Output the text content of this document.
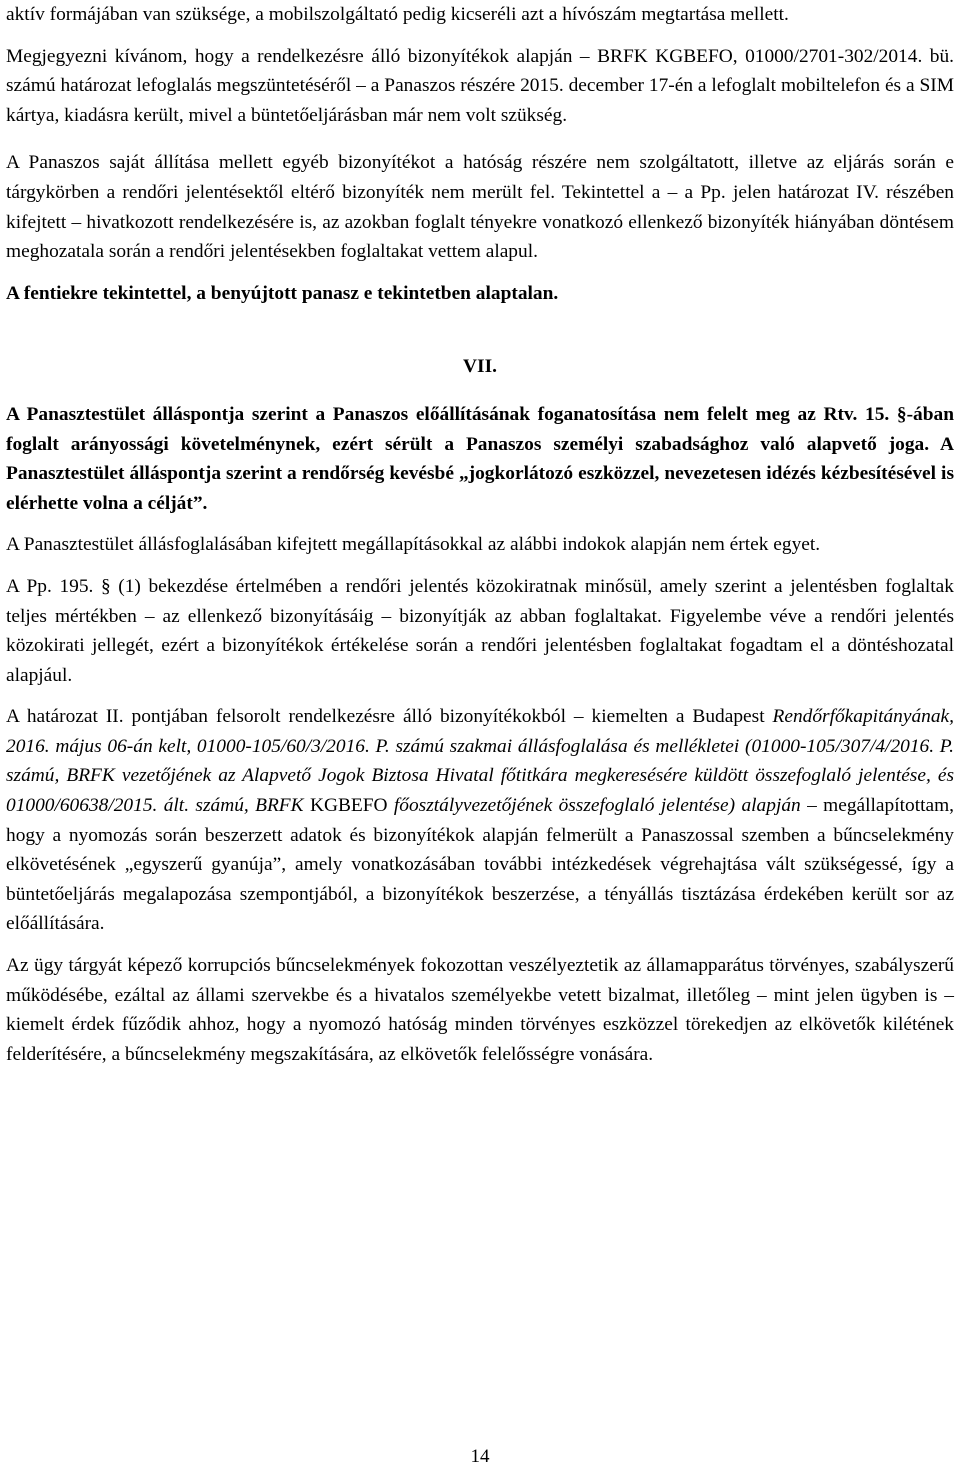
aktív formájában van szüksége, a mobilszolgáltató pedig kicseréli azt a hívószám megtartása mellett.

Megjegyezni kívánom, hogy a rendelkezésre álló bizonyítékok alapján – BRFK KGBEFO, 01000/2701-302/2014. bü. számú határozat lefoglalás megszüntetéséről – a Panaszos részére 2015. december 17-én a lefoglalt mobiltelefon és a SIM kártya, kiadásra került, mivel a büntetőeljárásban már nem volt szükség.

A Panaszos saját állítása mellett egyéb bizonyítékot a hatóság részére nem szolgáltatott, illetve az eljárás során e tárgykörben a rendőri jelentésektől eltérő bizonyíték nem merült fel. Tekintettel a – a Pp. jelen határozat IV. részében kifejtett – hivatkozott rendelkezésére is, az azokban foglalt tényekre vonatkozó ellenkező bizonyíték hiányában döntésem meghozatala során a rendőri jelentésekben foglaltakat vettem alapul.

A fentiekre tekintettel, a benyújtott panasz e tekintetben alaptalan.

VII.

A Panasztestület álláspontja szerint a Panaszos előállításának foganatosítása nem felelt meg az Rtv. 15. §-ában foglalt arányossági követelménynek, ezért sérült a Panaszos személyi szabadsághoz való alapvető joga. A Panasztestület álláspontja szerint a rendőrség kevésbé „jogkorlátozó eszközzel, nevezetesen idézés kézbesítésével is elérhette volna a célját”.

A Panasztestület állásfoglalásában kifejtett megállapításokkal az alábbi indokok alapján nem értek egyet.

A Pp. 195. § (1) bekezdése értelmében a rendőri jelentés közokiratnak minősül, amely szerint a jelentésben foglaltak teljes mértékben – az ellenkező bizonyításáig – bizonyítják az abban foglaltakat. Figyelembe véve a rendőri jelentés közokirati jellegét, ezért a bizonyítékok értékelése során a rendőri jelentésben foglaltakat fogadtam el a döntéshozatal alapjául.

A határozat II. pontjában felsorolt rendelkezésre álló bizonyítékokból – kiemelten a Budapest Rendőrfőkapitányának, 2016. május 06-án kelt, 01000-105/60/3/2016. P. számú szakmai állásfoglalása és mellékletei (01000-105/307/4/2016. P. számú, BRFK vezetőjének az Alapvető Jogok Biztosa Hivatal főtitkára megkeresésére küldött összefoglaló jelentése, és 01000/60638/2015. ált. számú, BRFK KGBEFO főosztályvezetőjének összefoglaló jelentése) alapján – megállapítottam, hogy a nyomozás során beszerzett adatok és bizonyítékok alapján felmerült a Panaszossal szemben a bűncselekmény elkövetésének „egyszerű gyanúja”, amely vonatkozásában további intézkedések végrehajtása vált szükségessé, így a büntetőeljárás megalapozása szempontjából, a bizonyítékok beszerzése, a tényállás tisztázása érdekében került sor az előállítására.

Az ügy tárgyát képező korrupciós bűncselekmények fokozottan veszélyeztetik az államapparátus törvényes, szabályszerű működésébe, ezáltal az állami szervekbe és a hivatalos személyekbe vetett bizalmat, illetőleg – mint jelen ügyben is – kiemelt érdek fűződik ahhoz, hogy a nyomozó hatóság minden törvényes eszközzel törekedjen az elkövetők kilétének felderítésére, a bűncselekmény megszakítására, az elkövetők felelősségre vonására.

14
